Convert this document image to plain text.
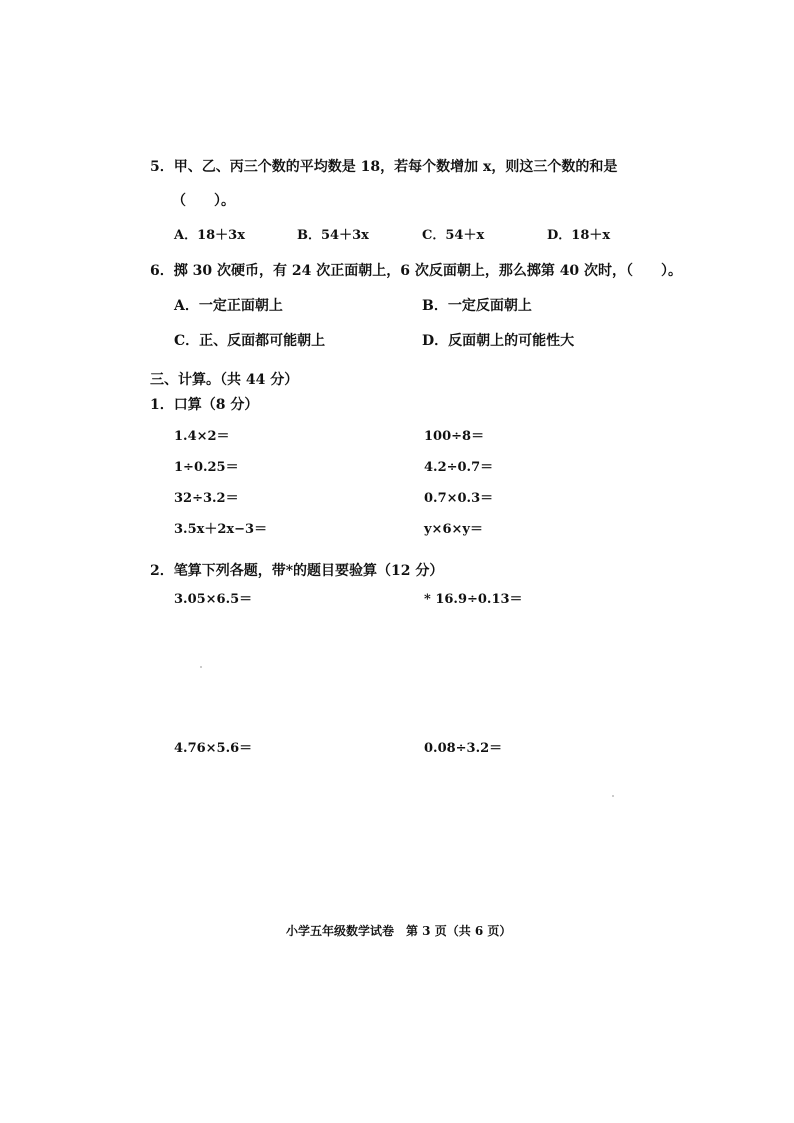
5．甲、乙、丙三个数的平均数是 18，若每个数增加 x，则这三个数的和是
（　　）。
A．18＋3x	B．54＋3x	C．54＋x	D．18＋x
6．掷 30 次硬币，有 24 次正面朝上，6 次反面朝上，那么掷第 40 次时，（　　）。
A．一定正面朝上	B．一定反面朝上
C．正、反面都可能朝上	D．反面朝上的可能性大
三、计算。（共 44 分）
1．口算（8 分）
1.4×2＝	100÷8＝
1÷0.25＝	4.2÷0.7＝
32÷3.2＝	0.7×0.3＝
3.5x＋2x−3＝	y×6×y＝
2．笔算下列各题，带*的题目要验算（12 分）
3.05×6.5＝	* 16.9÷0.13＝
4.76×5.6＝	0.08÷3.2＝
小学五年级数学试卷　第 3 页（共 6 页）
